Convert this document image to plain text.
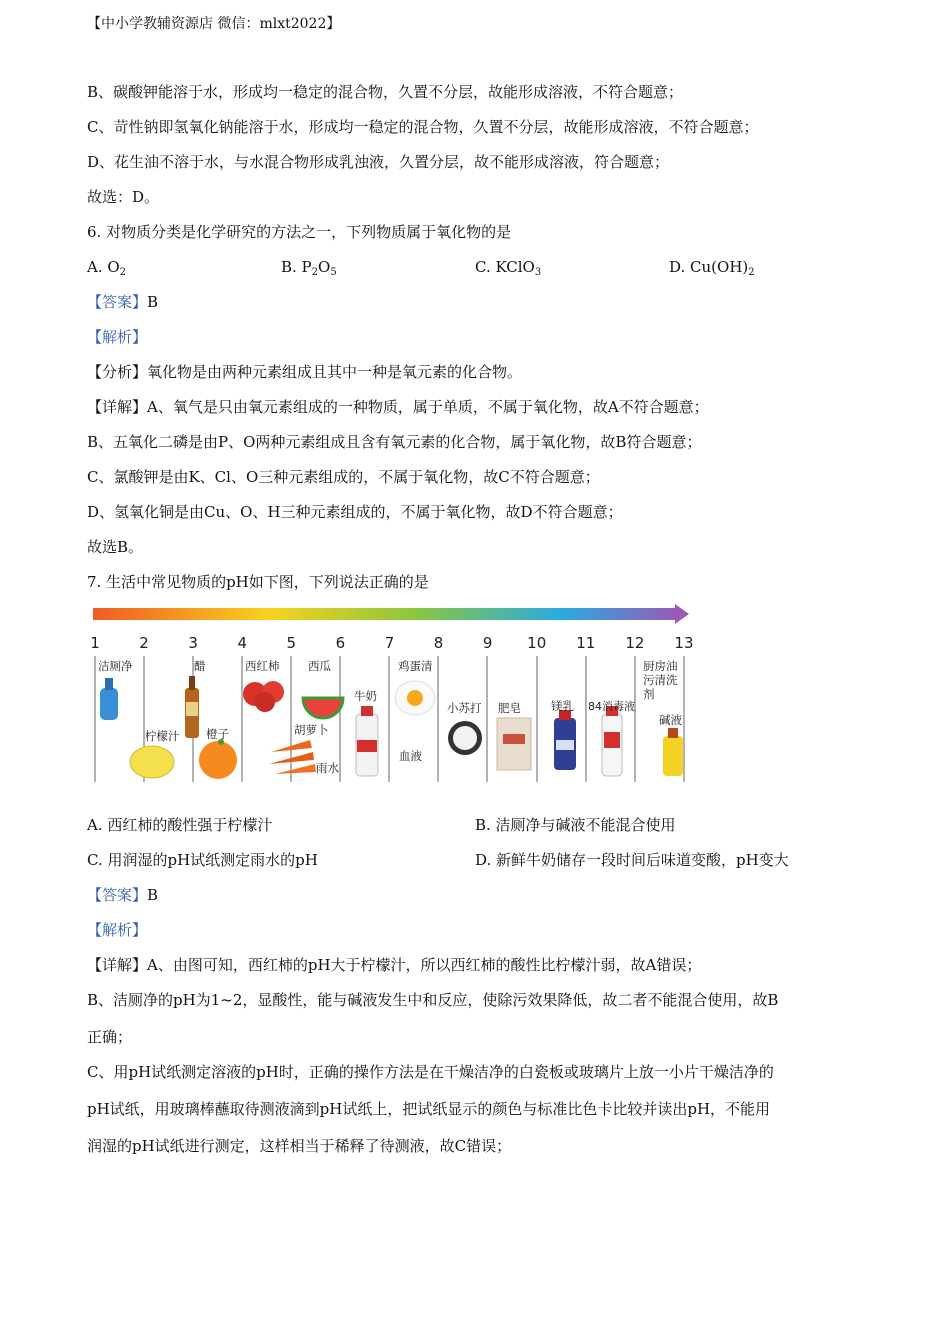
【中小学教辅资源店 微信：mlxt2022】
B、碳酸钾能溶于水，形成均一稳定的混合物，久置不分层，故能形成溶液，不符合题意；
C、苛性钠即氢氧化钠能溶于水，形成均一稳定的混合物，久置不分层，故能形成溶液，不符合题意；
D、花生油不溶于水，与水混合物形成乳浊液，久置分层，故不能形成溶液，符合题意；
故选：D。
6. 对物质分类是化学研究的方法之一，下列物质属于氧化物的是
A. $O_2$	B. $P_2O_5$	C. KClO$_3$	D. $Cu(OH)_2$
【答案】B
【解析】
【分析】氧化物是由两种元素组成且其中一种是氧元素的化合物。
【详解】A、氧气是只由氧元素组成的一种物质，属于单质，不属于氧化物，故A不符合题意；
B、五氧化二磷是由P、O两种元素组成且含有氧元素的化合物，属于氧化物，故B符合题意；
C、氯酸钾是由K、Cl、O三种元素组成的，不属于氧化物，故C不符合题意；
D、氢氧化铜是由Cu、O、H三种元素组成的，不属于氧化物，故D不符合题意；
故选B。
7. 生活中常见物质的pH如下图，下列说法正确的是
1	2	3	4	5	6	7	8	9 10 11 12 13
洁厕净	醋	西红柿 西瓜
牛奶
鸡蛋清
小苏打 肥皂	镁乳 84消毒液
厨房油
污清洗
剂
柠檬汁 橙子	胡萝卜
雨水
血液
碱液
A. 西红柿的酸性强于柠檬汁	B. 洁厕净与碱液不能混合使用
C. 用润湿的pH试纸测定雨水的pH	D. 新鲜牛奶储存一段时间后味道变酸，pH变大
【答案】B
【解析】
【详解】A、由图可知，西红柿的pH大于柠檬汁，所以西红柿的酸性比柠檬汁弱，故A错误；
B、洁厕净的pH为1~2，显酸性，能与碱液发生中和反应，使除污效果降低，故二者不能混合使用，故B
正确；
C、用pH试纸测定溶液的pH时，正确的操作方法是在干燥洁净的白瓷板或玻璃片上放一小片干燥洁净的
pH试纸，用玻璃棒蘸取待测液滴到pH试纸上，把试纸显示的颜色与标准比色卡比较并读出pH，不能用
润湿的pH试纸进行测定，这样相当于稀释了待测液，故C错误；
